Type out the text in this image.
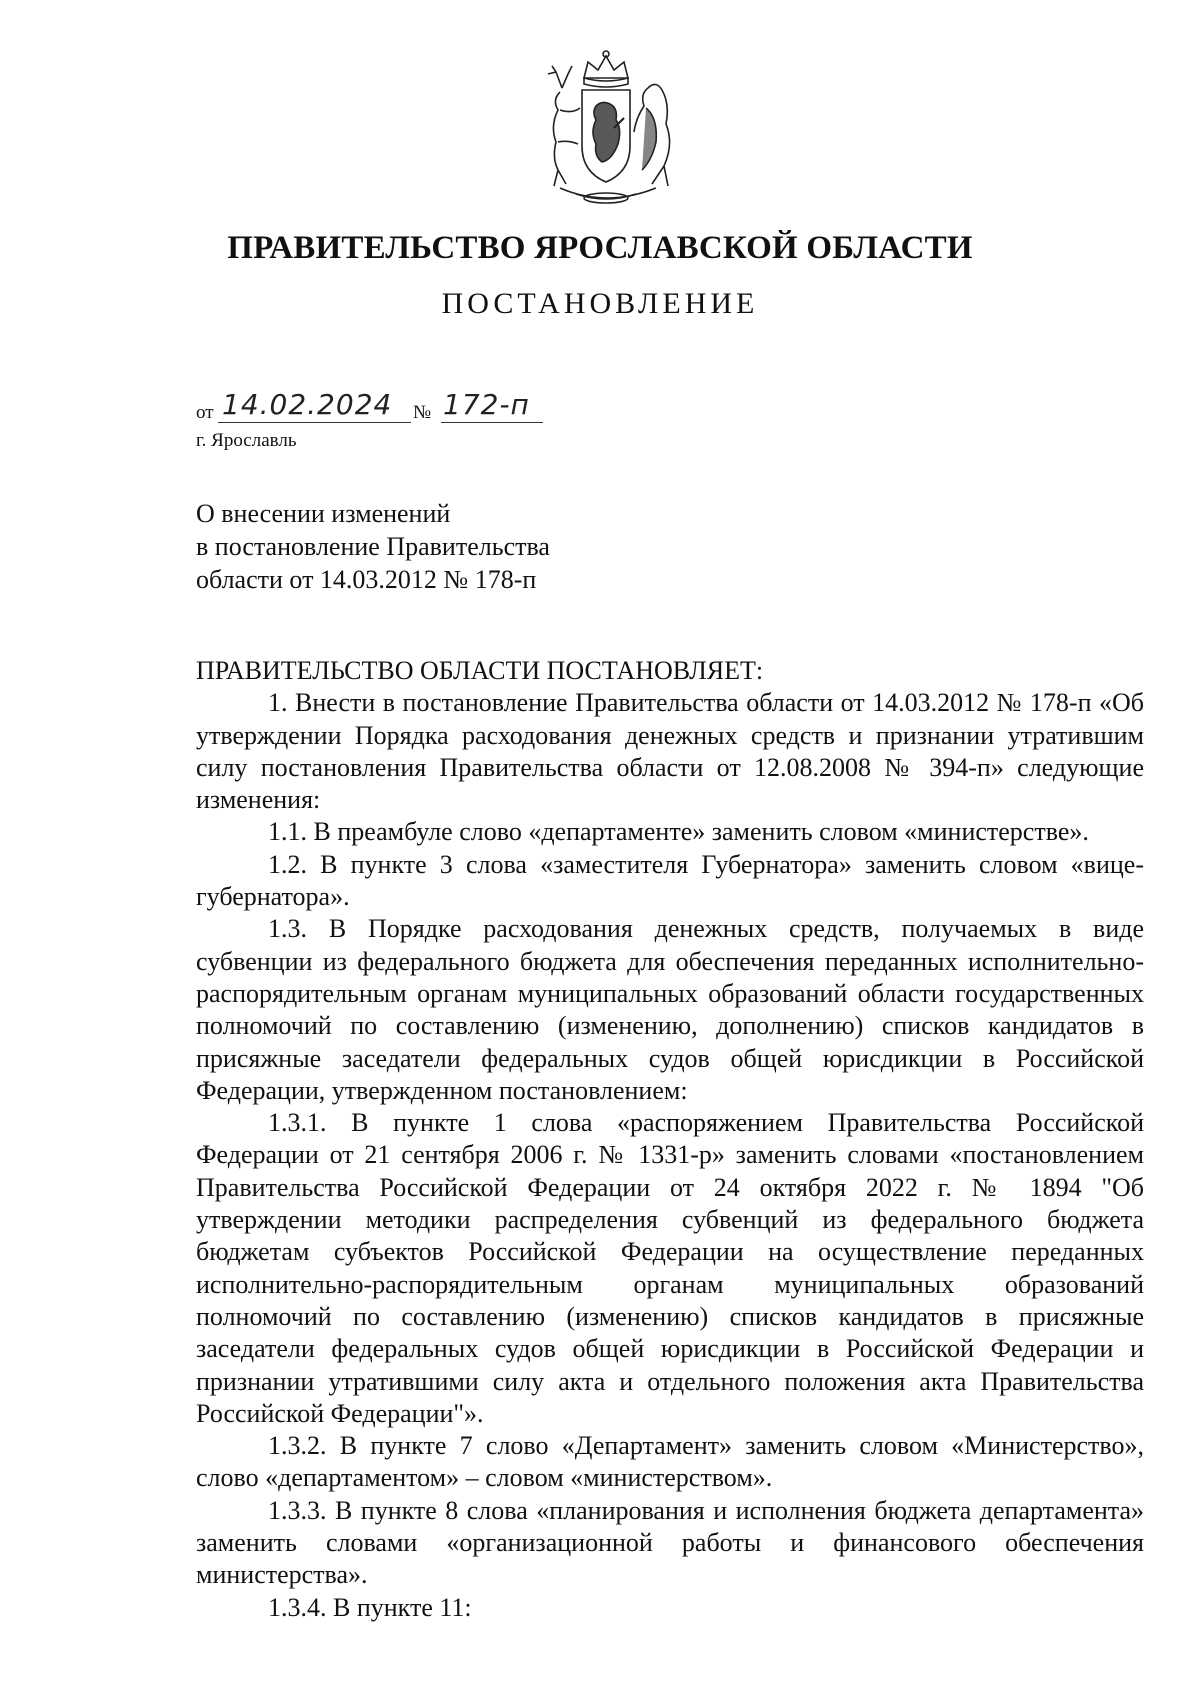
ПРАВИТЕЛЬСТВО ЯРОСЛАВСКОЙ ОБЛАСТИ
ПОСТАНОВЛЕНИЕ
от 14.02.2024 № 172-п
г. Ярославль
О внесении изменений
в постановление Правительства
области от 14.03.2012 № 178-п

ПРАВИТЕЛЬСТВО ОБЛАСТИ ПОСТАНОВЛЯЕТ:

1. Внести в постановление Правительства области от 14.03.2012 № 178-п «Об утверждении Порядка расходования денежных средств и признании утратившим силу постановления Правительства области от 12.08.2008 № 394-п» следующие изменения:

1.1. В преамбуле слово «департаменте» заменить словом «министерстве».

1.2. В пункте 3 слова «заместителя Губернатора» заменить словом «вице-губернатора».

1.3. В Порядке расходования денежных средств, получаемых в виде субвенции из федерального бюджета для обеспечения переданных исполнительно-распорядительным органам муниципальных образований области государственных полномочий по составлению (изменению, дополнению) списков кандидатов в присяжные заседатели федеральных судов общей юрисдикции в Российской Федерации, утвержденном постановлением:

1.3.1. В пункте 1 слова «распоряжением Правительства Российской Федерации от 21 сентября 2006 г. № 1331-р» заменить словами «постановлением Правительства Российской Федерации от 24 октября 2022 г. № 1894 "Об утверждении методики распределения субвенций из федерального бюджета бюджетам субъектов Российской Федерации на осуществление переданных исполнительно-распорядительным органам муниципальных образований полномочий по составлению (изменению) списков кандидатов в присяжные заседатели федеральных судов общей юрисдикции в Российской Федерации и признании утратившими силу акта и отдельного положения акта Правительства Российской Федерации"».

1.3.2. В пункте 7 слово «Департамент» заменить словом «Министерство», слово «департаментом» – словом «министерством».

1.3.3. В пункте 8 слова «планирования и исполнения бюджета департамента» заменить словами «организационной работы и финансового обеспечения министерства».

1.3.4. В пункте 11:
